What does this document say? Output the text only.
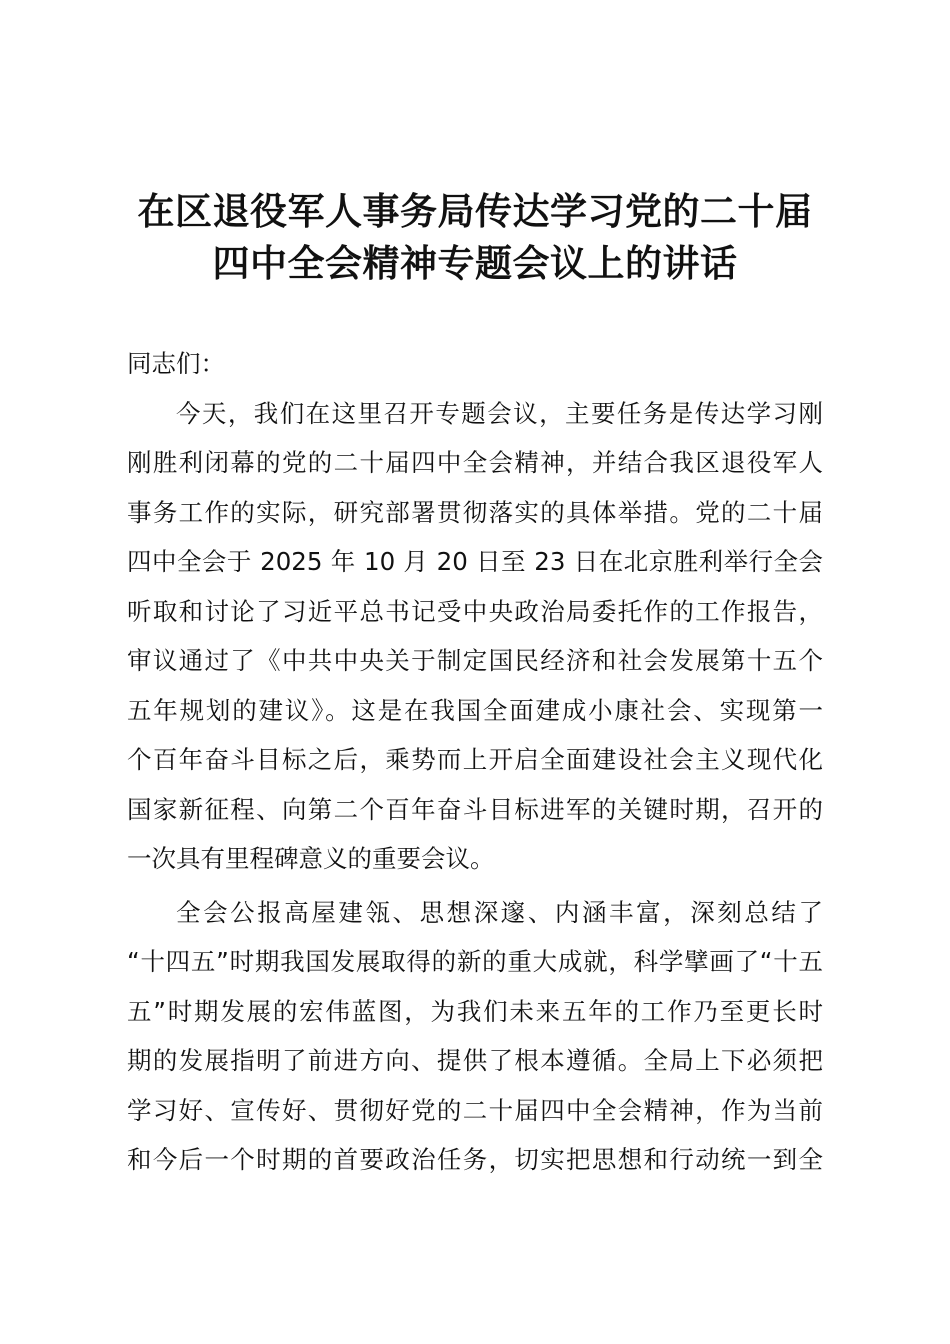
在区退役军人事务局传达学习党的二十届
四中全会精神专题会议上的讲话
同志们：
今天，我们在这里召开专题会议，主要任务是传达学习刚
刚胜利闭幕的党的二十届四中全会精神，并结合我区退役军人
事务工作的实际，研究部署贯彻落实的具体举措。党的二十届
四中全会于 2025 年 10 月 20 日至 23 日在北京胜利举行全会
听取和讨论了习近平总书记受中央政治局委托作的工作报告，
审议通过了《中共中央关于制定国民经济和社会发展第十五个
五年规划的建议》。这是在我国全面建成小康社会、实现第一
个百年奋斗目标之后，乘势而上开启全面建设社会主义现代化
国家新征程、向第二个百年奋斗目标进军的关键时期，召开的
一次具有里程碑意义的重要会议。
全会公报高屋建瓴、思想深邃、内涵丰富，深刻总结了
“十四五”时期我国发展取得的新的重大成就，科学擘画了“十五
五”时期发展的宏伟蓝图，为我们未来五年的工作乃至更长时
期的发展指明了前进方向、提供了根本遵循。全局上下必须把
学习好、宣传好、贯彻好党的二十届四中全会精神，作为当前
和今后一个时期的首要政治任务，切实把思想和行动统一到全
